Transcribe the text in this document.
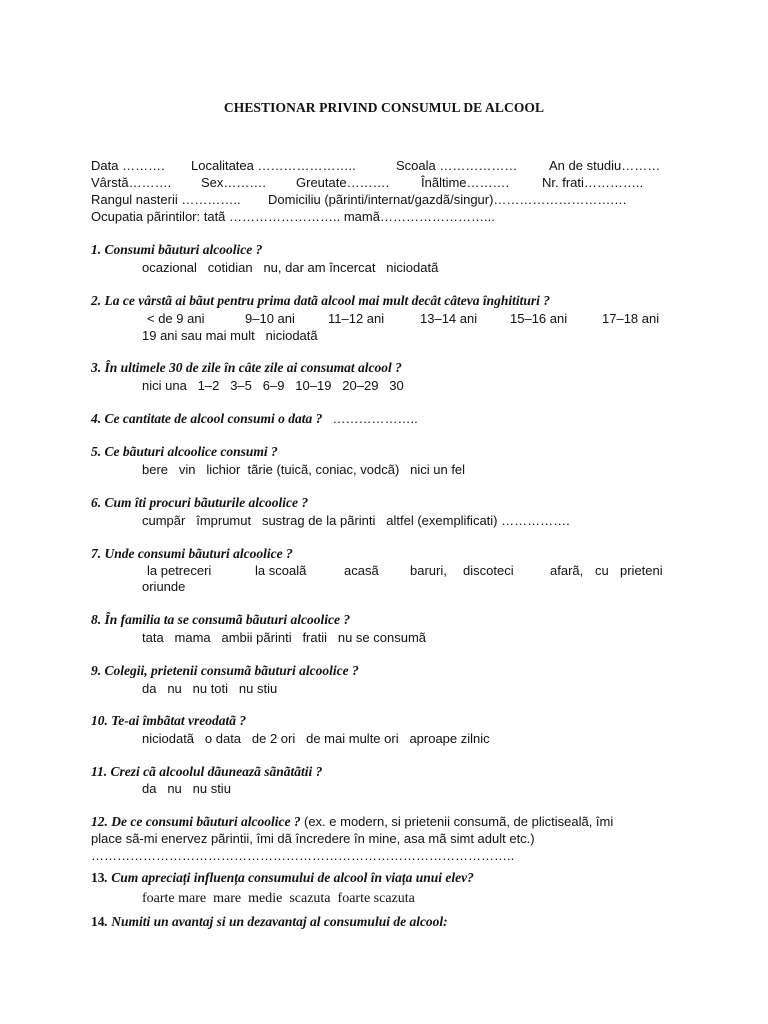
CHESTIONAR PRIVIND CONSUMUL DE ALCOOL
Data ………. Localitatea …………………..	Scoala ……………… An de studiu………
Vârstă………. Sex………. Greutate………. Înãltime……….	Nr. frati…………..
Rangul nasterii ………….. Domiciliu (pãrinti/internat/gazdã/singur)……………………….…
Ocupatia pãrintilor: tatã …………………….. mamã……………………...
1. Consumi bãuturi alcoolice ?
ocazional cotidian nu, dar am încercat niciodatã
2. La ce vârstã ai bãut pentru prima datã alcool mai mult decât câteva înghitituri ?
< de 9 ani	9–10 ani	11–12 ani	13–14 ani	15–16 ani	17–18 ani
19 ani sau mai mult niciodatã
3. În ultimele 30 de zile în câte zile ai consumat alcool ?
nici una 1–2 3–5 6–9 10–19 20–29 30
4. Ce cantitate de alcool consumi o data ? ………………..
5. Ce bãuturi alcoolice consumi ?
bere vin lichior tãrie (tuicã, coniac, vodcã) nici un fel
6. Cum îti procuri bãuturile alcoolice ?
cumpãr împrumut sustrag de la pãrinti altfel (exemplificati) …………….
7. Unde consumi bãuturi alcoolice ?
la petreceri	la scoalã	acasã baruri, discoteci	afarã, cu prieteni
oriunde
8. În familia ta se consumã bãuturi alcoolice ?
tata mama ambii pãrinti fratii nu se consumã
9. Colegii, prietenii consumã bãuturi alcoolice ?
da nu nu toti nu stiu
10. Te-ai îmbãtat vreodatã ?
niciodatã o data de 2 ori de mai multe ori aproape zilnic
11. Crezi cã alcoolul dãuneazã sãnãtãtii ?
da nu nu stiu
12. De ce consumi bãuturi alcoolice ? (ex. e modern, si prietenii consumã, de plictisealã, îmi
place sã-mi enervez pãrintii, îmi dã încredere în mine, asa mã simt adult etc.)
……………………………………………………………………………………..
13. Cum apreciați influența consumului de alcool în viața unui elev?
foarte mare mare medie scazuta foarte scazuta
14. Numiti un avantaj si un dezavantaj al consumului de alcool:
